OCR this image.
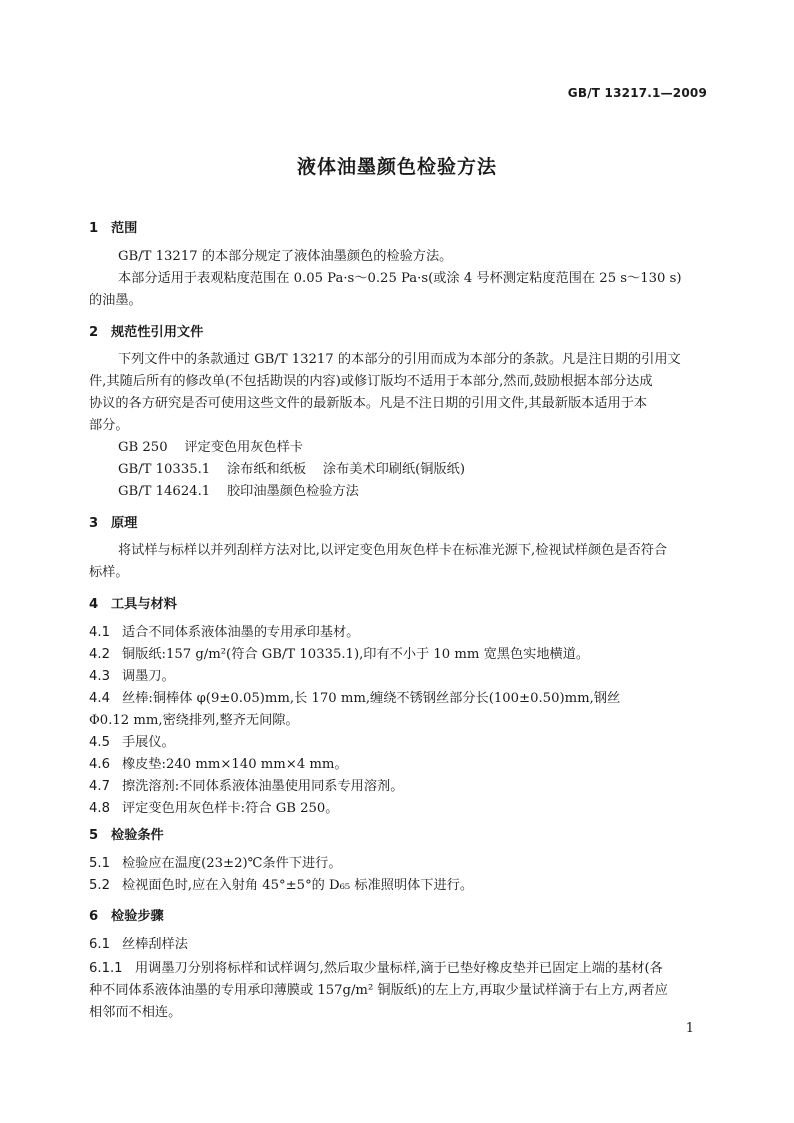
GB/T 13217.1—2009
液体油墨颜色检验方法
1 范围
GB/T 13217 的本部分规定了液体油墨颜色的检验方法。
本部分适用于表观粘度范围在 0.05 Pa·s～0.25 Pa·s(或涂 4 号杯测定粘度范围在 25 s～130 s)
的油墨。
2 规范性引用文件
下列文件中的条款通过 GB/T 13217 的本部分的引用而成为本部分的条款。凡是注日期的引用文
件,其随后所有的修改单(不包括勘误的内容)或修订版均不适用于本部分,然而,鼓励根据本部分达成
协议的各方研究是否可使用这些文件的最新版本。凡是不注日期的引用文件,其最新版本适用于本
部分。
GB 250    评定变色用灰色样卡
GB/T 10335.1    涂布纸和纸板    涂布美术印刷纸(铜版纸)
GB/T 14624.1    胶印油墨颜色检验方法
3 原理
将试样与标样以并列刮样方法对比,以评定变色用灰色样卡在标准光源下,检视试样颜色是否符合
标样。
4 工具与材料
4.1 适合不同体系液体油墨的专用承印基材。
4.2 铜版纸:157 g/m²(符合 GB/T 10335.1),印有不小于 10 mm 宽黑色实地横道。
4.3 调墨刀。
4.4 丝棒:铜棒体 φ(9±0.05)mm,长 170 mm,缠绕不锈钢丝部分长(100±0.50)mm,钢丝
Φ0.12 mm,密绕排列,整齐无间隙。
4.5 手展仪。
4.6 橡皮垫:240 mm×140 mm×4 mm。
4.7 擦洗溶剂:不同体系液体油墨使用同系专用溶剂。
4.8 评定变色用灰色样卡:符合 GB 250。
5 检验条件
5.1 检验应在温度(23±2)℃条件下进行。
5.2 检视面色时,应在入射角 45°±5°的 D₆₅ 标准照明体下进行。
6 检验步骤
6.1 丝棒刮样法
6.1.1 用调墨刀分别将标样和试样调匀,然后取少量标样,滴于已垫好橡皮垫并已固定上端的基材(各
种不同体系液体油墨的专用承印薄膜或 157g/m² 铜版纸)的左上方,再取少量试样滴于右上方,两者应
相邻而不相连。
1
